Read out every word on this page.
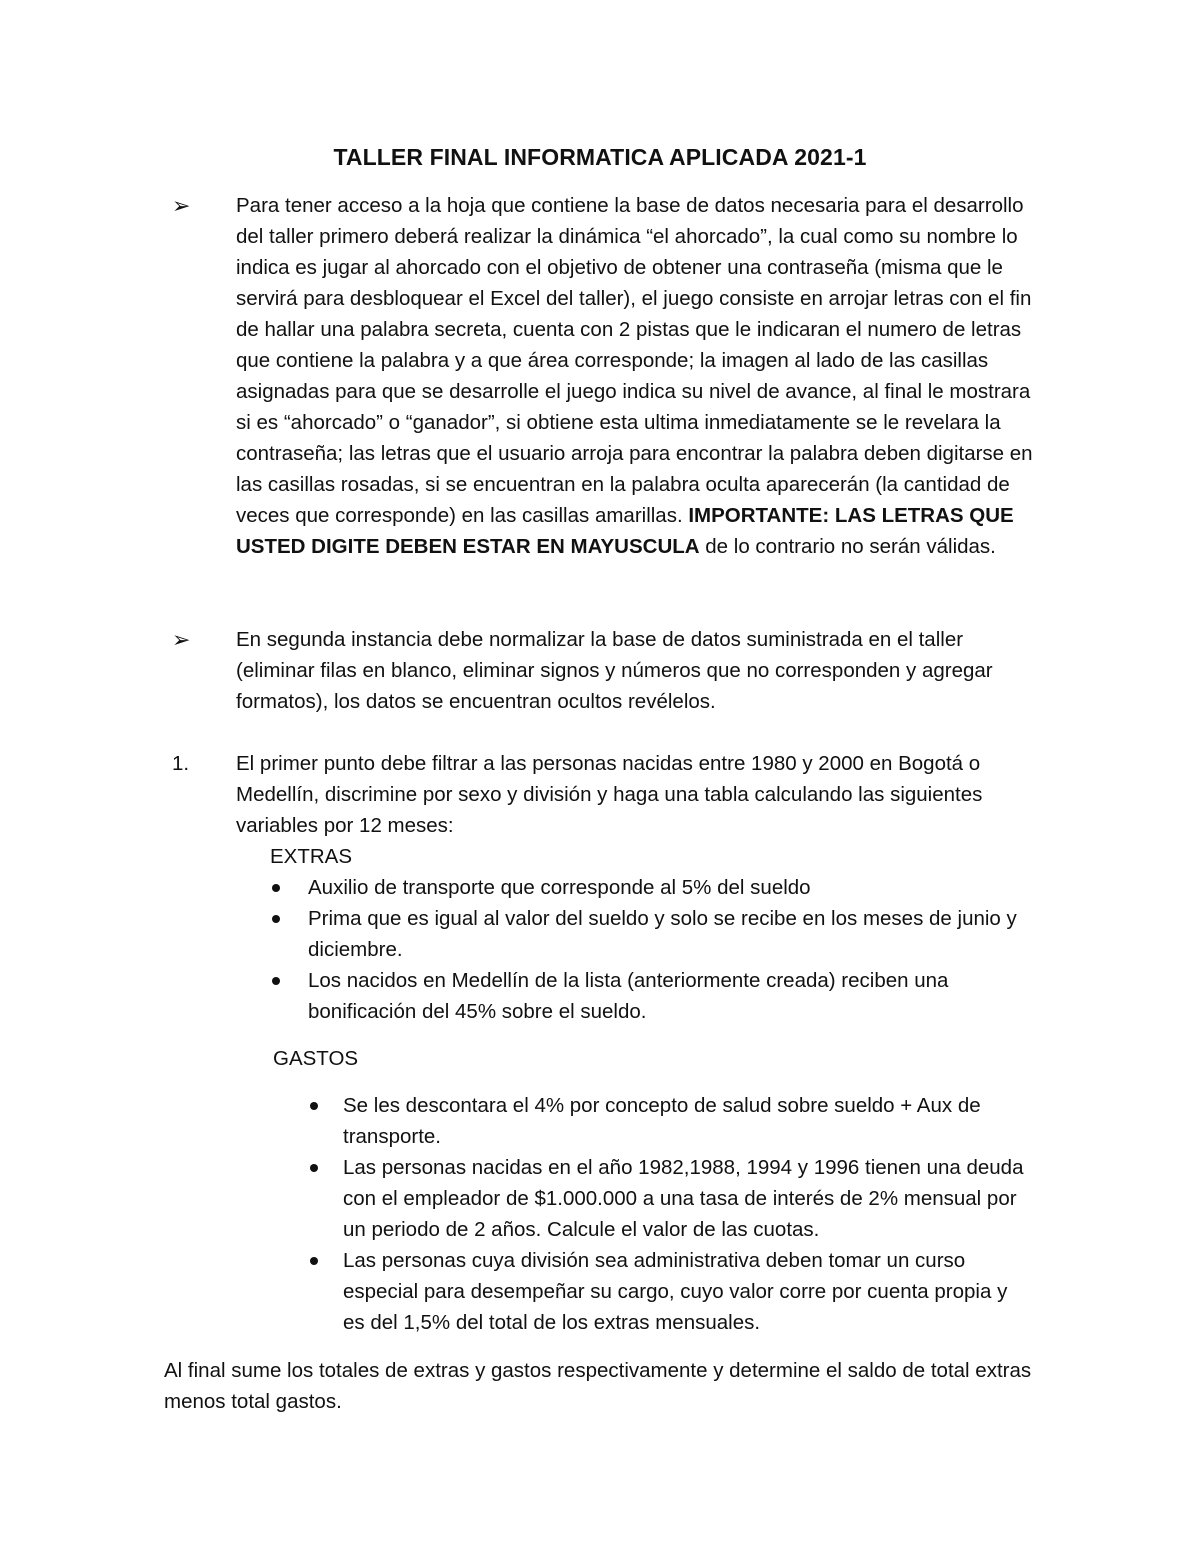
TALLER FINAL INFORMATICA APLICADA 2021-1
➢ Para tener acceso a la hoja que contiene la base de datos necesaria para el desarrollo del taller primero deberá realizar la dinámica “el ahorcado”, la cual como su nombre lo indica es jugar al ahorcado con el objetivo de obtener una contraseña (misma que le servirá para desbloquear el Excel del taller), el juego consiste en arrojar letras con el fin de hallar una palabra secreta, cuenta con 2 pistas que le indicaran el numero de letras que contiene la palabra y a que área corresponde; la imagen al lado de las casillas asignadas para que se desarrolle el juego indica su nivel de avance, al final le mostrara si es “ahorcado” o “ganador”, si obtiene esta ultima inmediatamente se le revelara la contraseña; las letras que el usuario arroja para encontrar la palabra deben digitarse en las casillas rosadas, si se encuentran en la palabra oculta aparecerán (la cantidad de veces que corresponde) en las casillas amarillas. IMPORTANTE: LAS LETRAS QUE USTED DIGITE DEBEN ESTAR EN MAYUSCULA de lo contrario no serán válidas.
➢ En segunda instancia debe normalizar la base de datos suministrada en el taller (eliminar filas en blanco, eliminar signos y números que no corresponden y agregar formatos), los datos se encuentran ocultos revélelos.
1. El primer punto debe filtrar a las personas nacidas entre 1980 y 2000 en Bogotá o Medellín, discrimine por sexo y división y haga una tabla calculando las siguientes variables por 12 meses:
EXTRAS
Auxilio de transporte que corresponde al 5% del sueldo
Prima que es igual al valor del sueldo y solo se recibe en los meses de junio y diciembre.
Los nacidos en Medellín de la lista (anteriormente creada) reciben una bonificación del 45% sobre el sueldo.
GASTOS
Se les descontara el 4% por concepto de salud sobre sueldo + Aux de transporte.
Las personas nacidas en el año 1982,1988, 1994 y 1996 tienen una deuda con el empleador de $1.000.000 a una tasa de interés de 2% mensual por un periodo de 2 años. Calcule el valor de las cuotas.
Las personas cuya división sea administrativa deben tomar un curso especial para desempeñar su cargo, cuyo valor corre por cuenta propia y es del 1,5% del total de los extras mensuales.
Al final sume los totales de extras y gastos respectivamente y determine el saldo de total extras menos total gastos.
